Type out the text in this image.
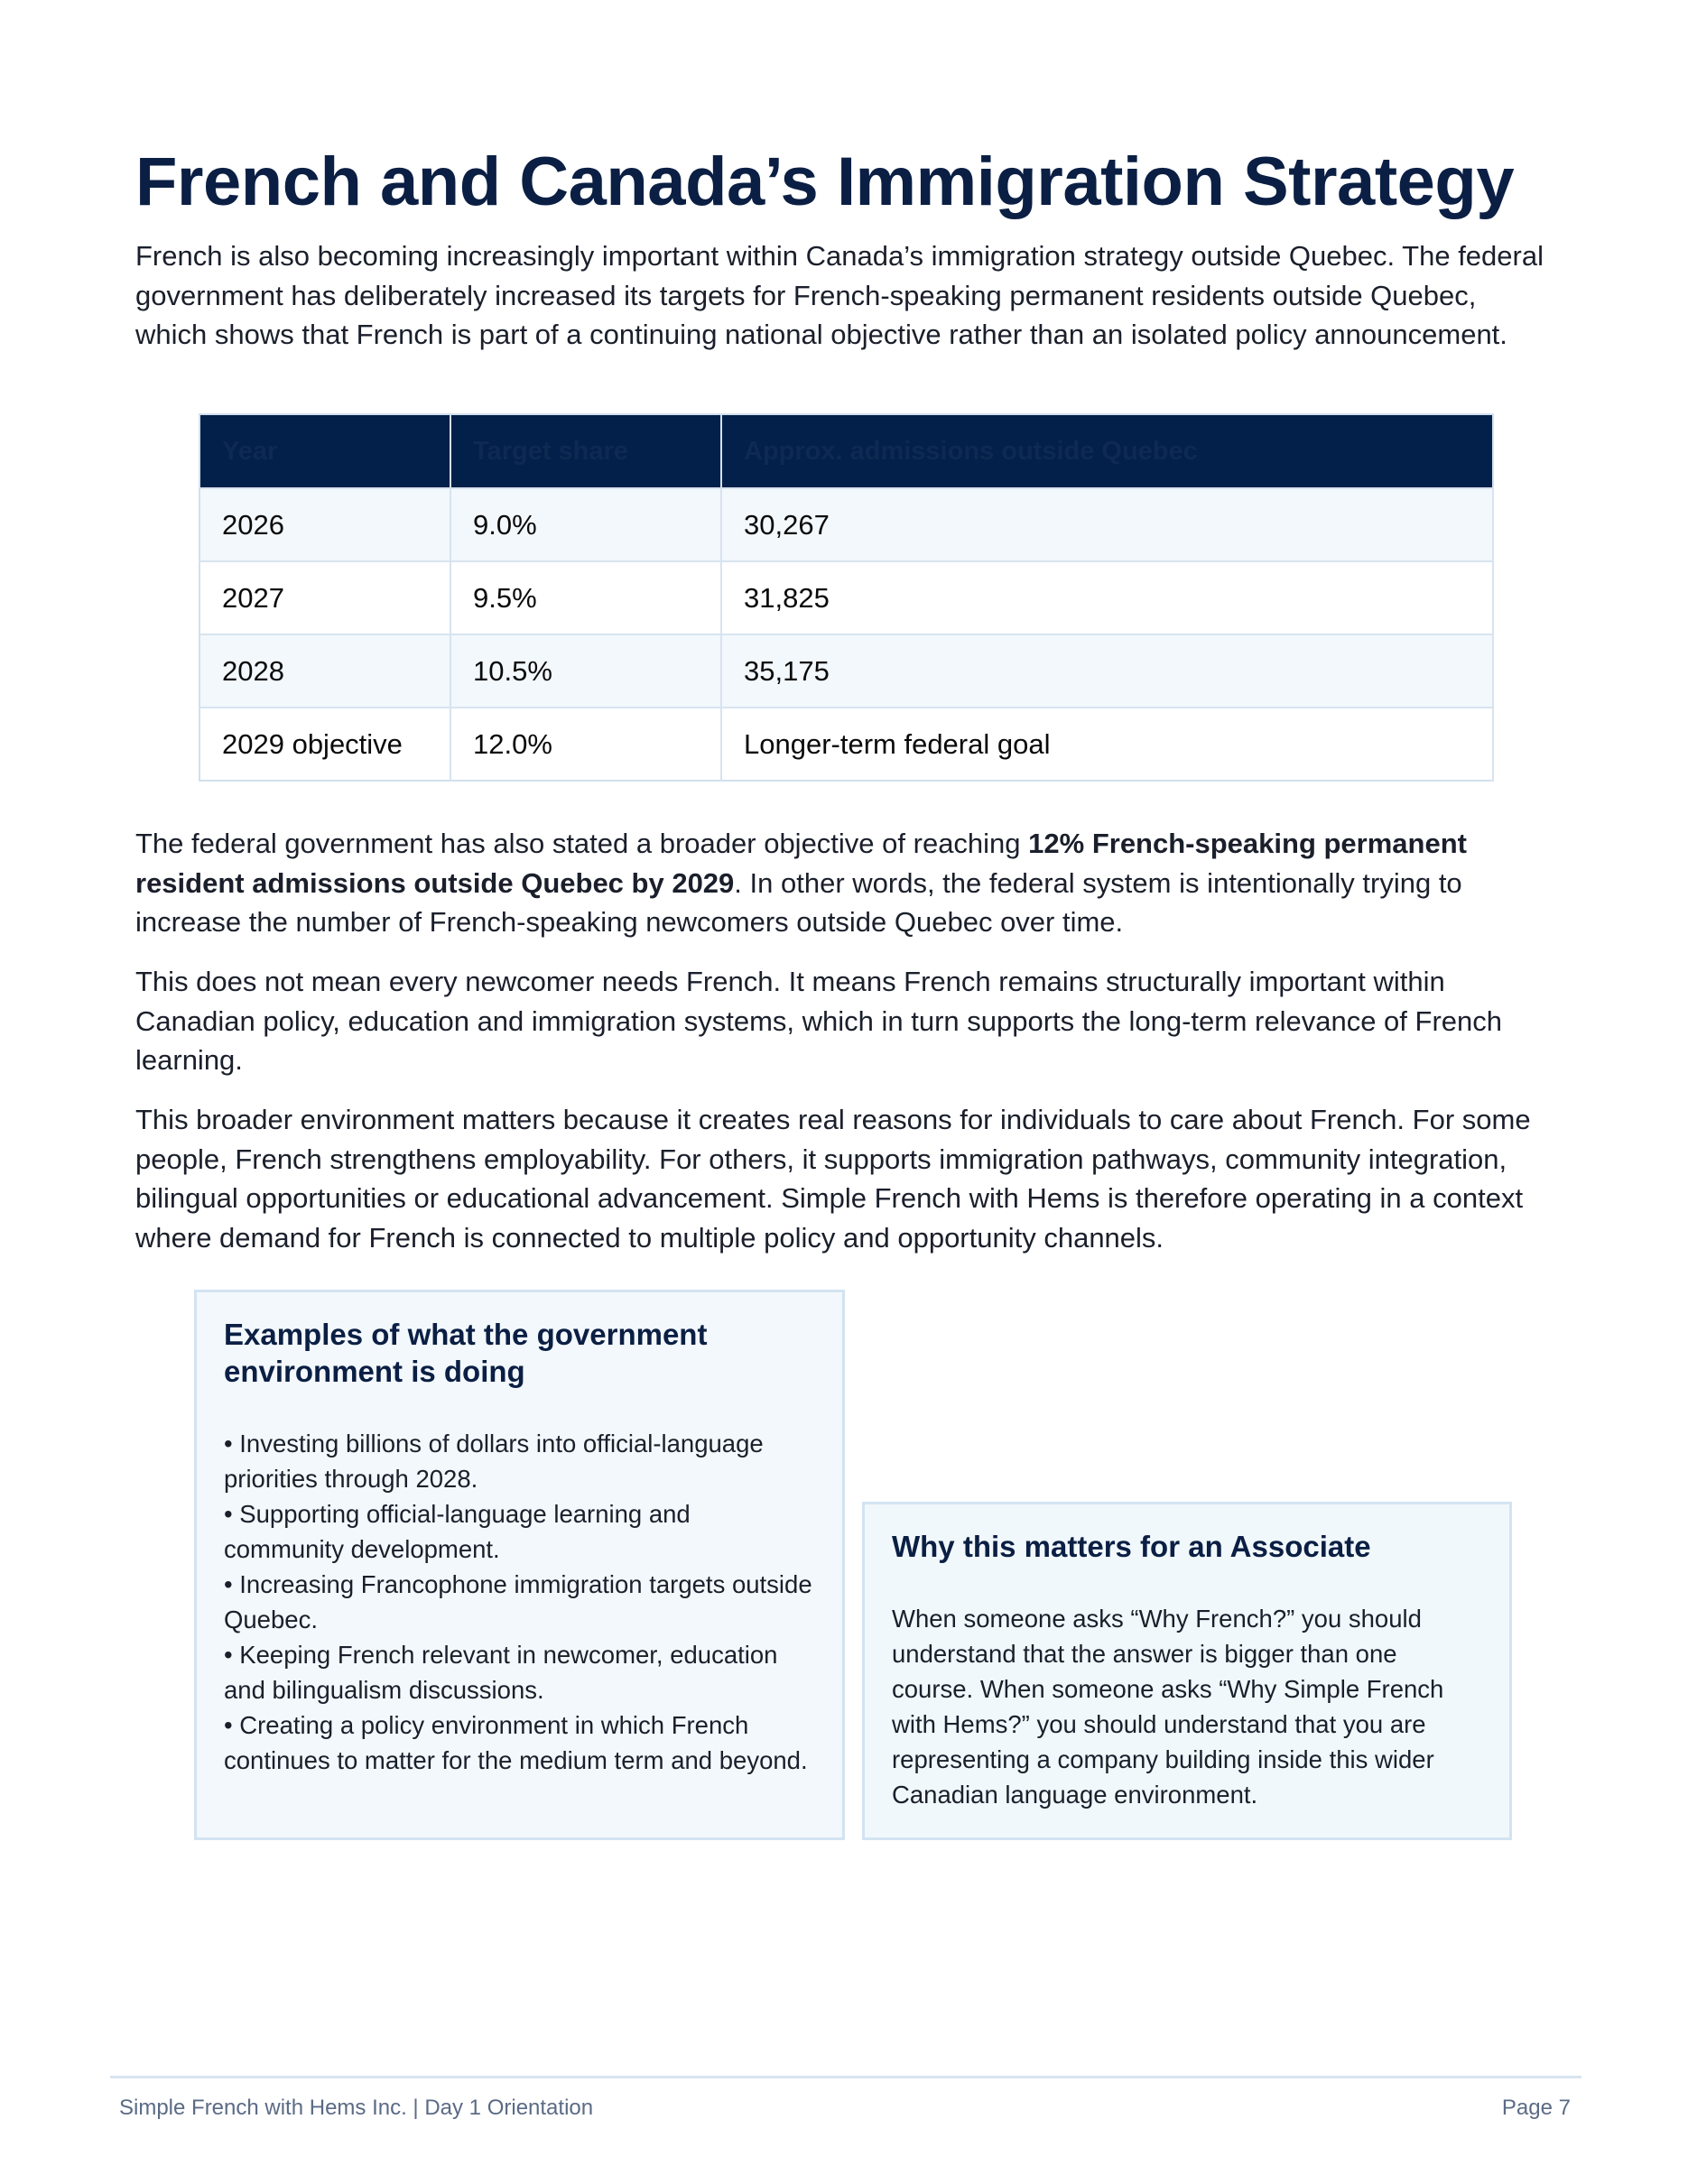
French and Canada’s Immigration Strategy

French is also becoming increasingly important within Canada’s immigration strategy outside Quebec. The federal government has deliberately increased its targets for French-speaking permanent residents outside Quebec, which shows that French is part of a continuing national objective rather than an isolated policy announcement.

Year	Target share	Approx. admissions outside Quebec
2026	9.0%	30,267
2027	9.5%	31,825
2028	10.5%	35,175
2029 objective	12.0%	Longer-term federal goal

The federal government has also stated a broader objective of reaching 12% French-speaking permanent resident admissions outside Quebec by 2029. In other words, the federal system is intentionally trying to increase the number of French-speaking newcomers outside Quebec over time.

This does not mean every newcomer needs French. It means French remains structurally important within Canadian policy, education and immigration systems, which in turn supports the long-term relevance of French learning.

This broader environment matters because it creates real reasons for individuals to care about French. For some people, French strengthens employability. For others, it supports immigration pathways, community integration, bilingual opportunities or educational advancement. Simple French with Hems is therefore operating in a context where demand for French is connected to multiple policy and opportunity channels.

Examples of what the government environment is doing
• Investing billions of dollars into official-language priorities through 2028.
• Supporting official-language learning and community development.
• Increasing Francophone immigration targets outside Quebec.
• Keeping French relevant in newcomer, education and bilingualism discussions.
• Creating a policy environment in which French continues to matter for the medium term and beyond.
Why this matters for an Associate

When someone asks “Why French?” you should understand that the answer is bigger than one course. When someone asks “Why Simple French with Hems?” you should understand that you are representing a company building inside this wider Canadian language environment.

Simple French with Hems Inc. | Day 1 Orientation	Page 7
